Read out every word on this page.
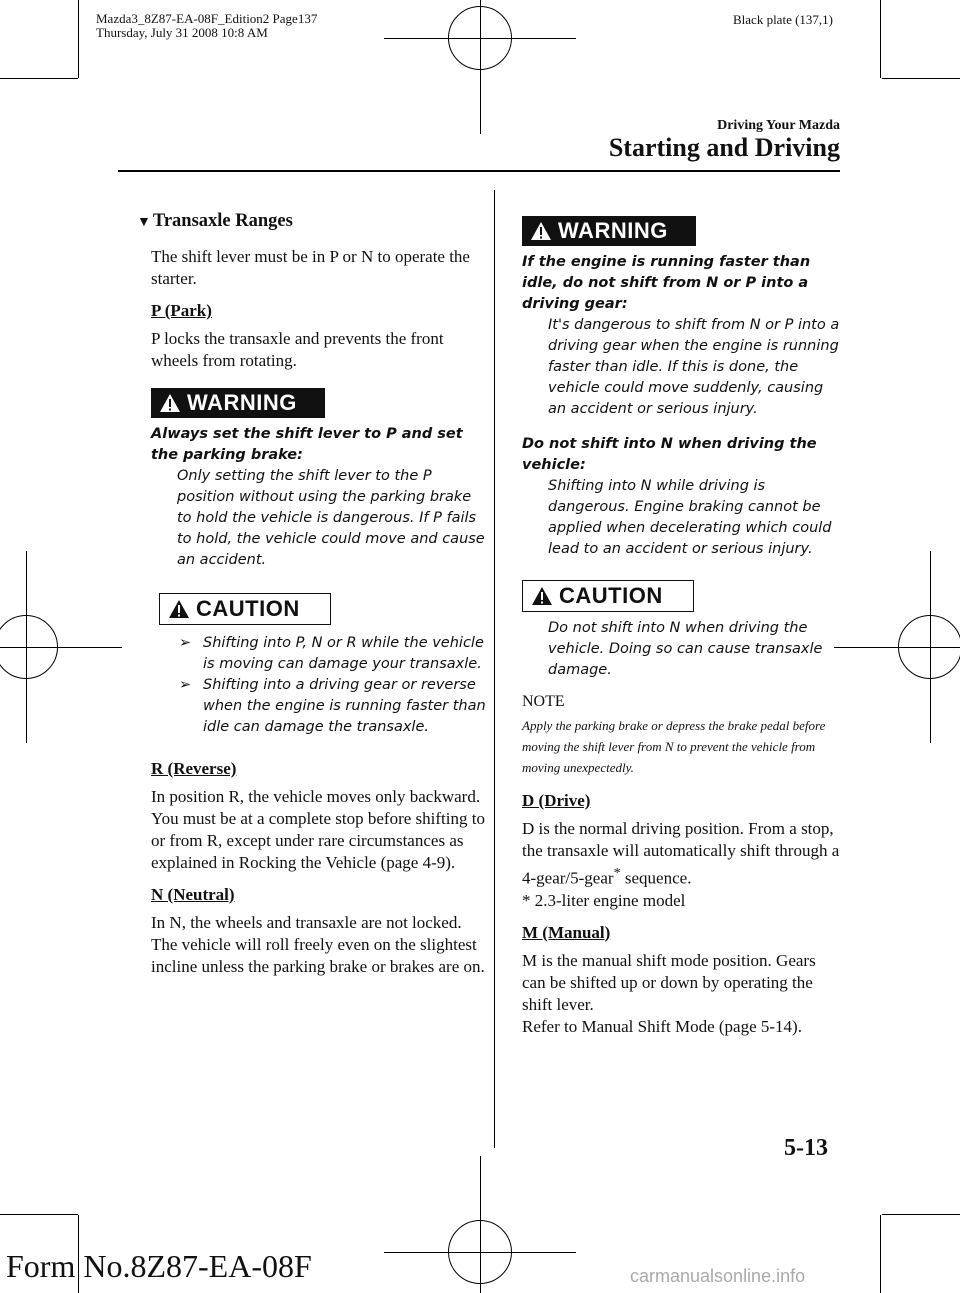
Mazda3_8Z87-EA-08F_Edition2 Page137
Thursday, July 31 2008 10:8 AM
Black plate (137,1)
Driving Your Mazda
Starting and Driving
▼ Transaxle Ranges

The shift lever must be in P or N to operate the starter.

P (Park)

P locks the transaxle and prevents the front wheels from rotating.

WARNING
Always set the shift lever to P and set the parking brake:
Only setting the shift lever to the P position without using the parking brake to hold the vehicle is dangerous. If P fails to hold, the vehicle could move and cause an accident.
CAUTION
➢ Shifting into P, N or R while the vehicle is moving can damage your transaxle.
➢ Shifting into a driving gear or reverse when the engine is running faster than idle can damage the transaxle.
R (Reverse)

In position R, the vehicle moves only backward. You must be at a complete stop before shifting to or from R, except under rare circumstances as explained in Rocking the Vehicle (page 4-9).

N (Neutral)

In N, the wheels and transaxle are not locked. The vehicle will roll freely even on the slightest incline unless the parking brake or brakes are on.

WARNING
If the engine is running faster than idle, do not shift from N or P into a driving gear:
It's dangerous to shift from N or P into a driving gear when the engine is running faster than idle. If this is done, the vehicle could move suddenly, causing an accident or serious injury.
Do not shift into N when driving the vehicle:
Shifting into N while driving is dangerous. Engine braking cannot be applied when decelerating which could lead to an accident or serious injury.
CAUTION
Do not shift into N when driving the vehicle. Doing so can cause transaxle damage.
NOTE
Apply the parking brake or depress the brake pedal before moving the shift lever from N to prevent the vehicle from moving unexpectedly.
D (Drive)

D is the normal driving position. From a stop, the transaxle will automatically shift through a 4-gear/5-gear* sequence.

* 2.3-liter engine model

M (Manual)

M is the manual shift mode position. Gears can be shifted up or down by operating the shift lever.

Refer to Manual Shift Mode (page 5-14).

5-13
Form No.8Z87-EA-08F	carmanualsonline.info
